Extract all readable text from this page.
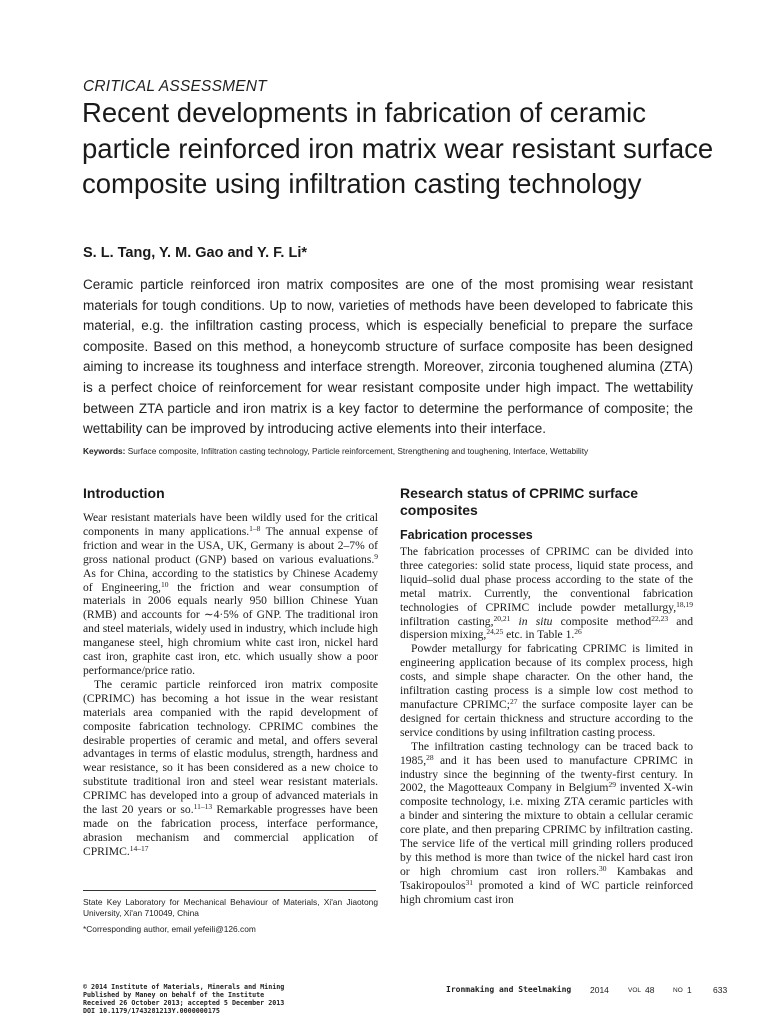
CRITICAL ASSESSMENT
Recent developments in fabrication of ceramic particle reinforced iron matrix wear resistant surface composite using infiltration casting technology
S. L. Tang, Y. M. Gao and Y. F. Li*
Ceramic particle reinforced iron matrix composites are one of the most promising wear resistant materials for tough conditions. Up to now, varieties of methods have been developed to fabricate this material, e.g. the infiltration casting process, which is especially beneficial to prepare the surface composite. Based on this method, a honeycomb structure of surface composite has been designed aiming to increase its toughness and interface strength. Moreover, zirconia toughened alumina (ZTA) is a perfect choice of reinforcement for wear resistant composite under high impact. The wettability between ZTA particle and iron matrix is a key factor to determine the performance of composite; the wettability can be improved by introducing active elements into their interface.
Keywords: Surface composite, Infiltration casting technology, Particle reinforcement, Strengthening and toughening, Interface, Wettability
Introduction

Wear resistant materials have been wildly used for the critical components in many applications.$^{1-8}$ The annual expense of friction and wear in the USA, UK, Germany is about 2–7% of gross national product (GNP) based on various evaluations.$^9$ As for China, according to the statistics by Chinese Academy of Engineering,$^{10}$ the friction and wear consumption of materials in 2006 equals nearly 950 billion Chinese Yuan (RMB) and accounts for ∼4·5% of GNP. The traditional iron and steel materials, widely used in industry, which include high manganese steel, high chromium white cast iron, nickel hard cast iron, graphite cast iron, etc. which usually show a poor performance/price ratio.

The ceramic particle reinforced iron matrix composite (CPRIMC) has becoming a hot issue in the wear resistant materials area companied with the rapid development of composite fabrication technology. CPRIMC combines the desirable properties of ceramic and metal, and offers several advantages in terms of elastic modulus, strength, hardness and wear resistance, so it has been considered as a new choice to substitute traditional iron and steel wear resistant materials. CPRIMC has developed into a group of advanced materials in the last 20 years or so.$^{11-13}$ Remarkable progresses have been made on the fabrication process, interface performance, abrasion mechanism and commercial application of CPRIMC.$^{14-17}$

Research status of CPRIMC surface composites
Fabrication processes

The fabrication processes of CPRIMC can be divided into three categories: solid state process, liquid state process, and liquid–solid dual phase process according to the state of the metal matrix. Currently, the conventional fabrication technologies of CPRIMC include powder metallurgy,$^{18,19}$ infiltration casting,$^{20,21}$ in situ composite method$^{22,23}$ and dispersion mixing,$^{24,25}$ etc. in Table 1.26

Powder metallurgy for fabricating CPRIMC is limited in engineering application because of its complex process, high costs, and simple shape character. On the other hand, the infiltration casting process is a simple low cost method to manufacture CPRIMC;$^{27}$ the surface composite layer can be designed for certain thickness and structure according to the service conditions by using infiltration casting process.

The infiltration casting technology can be traced back to 1985,28 and it has been used to manufacture CPRIMC in industry since the beginning of the twenty-first century. In 2002, the Magotteaux Company in Belgium$^{29}$ invented X-win composite technology, i.e. mixing ZTA ceramic particles with a binder and sintering the mixture to obtain a cellular ceramic core plate, and then preparing CPRIMC by infiltration casting. The service life of the vertical mill grinding rollers produced by this method is more than twice of the nickel hard cast iron or high chromium cast iron rollers.$^{30}$ Kambakas and Tsakiropoulos$^{31}$ promoted a kind of WC particle reinforced high chromium cast iron

State Key Laboratory for Mechanical Behaviour of Materials, Xi'an Jiaotong University, Xi'an 710049, China
*Corresponding author, email yefeili@126.com
© 2014 Institute of Materials, Minerals and Mining
Published by Maney on behalf of the Institute
Received 26 October 2013; accepted 5 December 2013
DOI 10.1179/1743281213Y.0000000175
Ironmaking and Steelmaking 2014	VOL 48	NO 1	633
